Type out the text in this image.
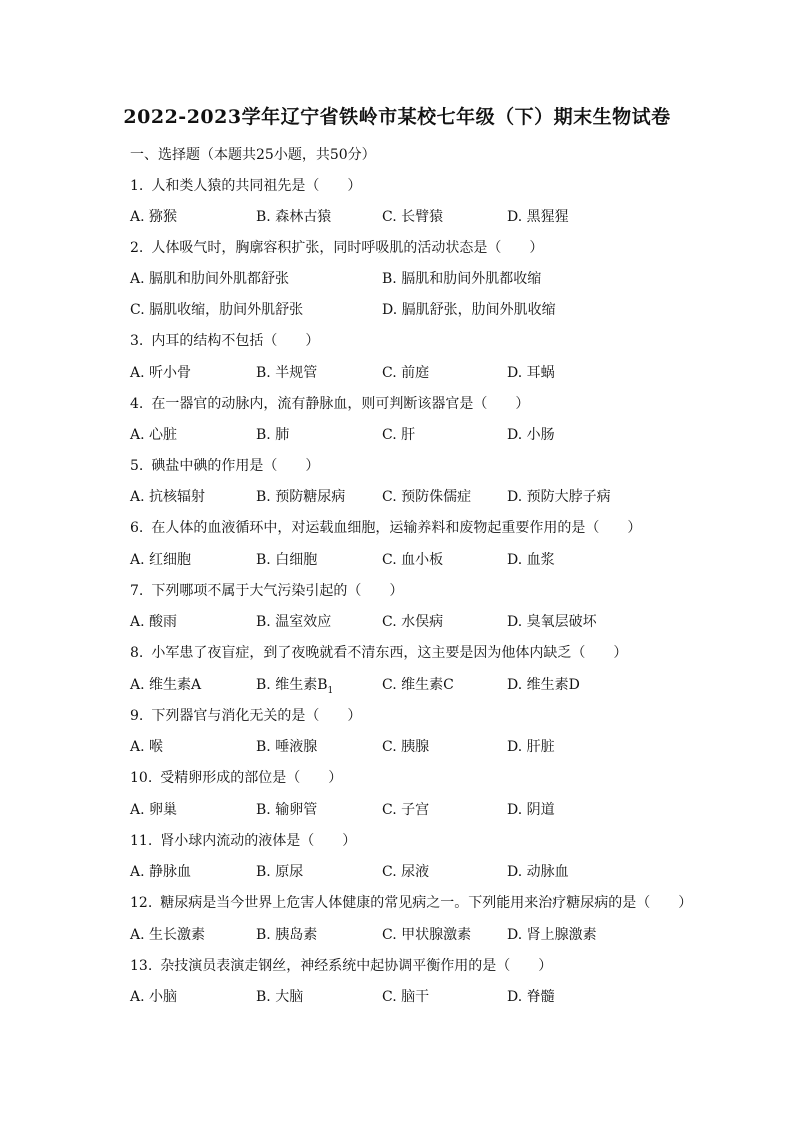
2022-2023学年辽宁省铁岭市某校七年级（下）期末生物试卷
一、选择题（本题共25小题，共50分）
1. 人和类人猿的共同祖先是（　　）
A. 猕猴	B. 森林古猿	C. 长臂猿	D. 黑猩猩
2. 人体吸气时，胸廓容积扩张，同时呼吸肌的活动状态是（　　）
A. 膈肌和肋间外肌都舒张	B. 膈肌和肋间外肌都收缩
C. 膈肌收缩，肋间外肌舒张	D. 膈肌舒张，肋间外肌收缩
3. 内耳的结构不包括（　　）
A. 听小骨	B. 半规管	C. 前庭	D. 耳蜗
4. 在一器官的动脉内，流有静脉血，则可判断该器官是（　　）
A. 心脏	B. 肺	C. 肝	D. 小肠
5. 碘盐中碘的作用是（　　）
A. 抗核辐射	B. 预防糖尿病	C. 预防侏儒症	D. 预防大脖子病
6. 在人体的血液循环中，对运载血细胞，运输养料和废物起重要作用的是（　　）
A. 红细胞	B. 白细胞	C. 血小板	D. 血浆
7. 下列哪项不属于大气污染引起的（　　）
A. 酸雨	B. 温室效应	C. 水俣病	D. 臭氧层破坏
8. 小军患了夜盲症，到了夜晚就看不清东西，这主要是因为他体内缺乏（　　）
A. 维生素A	B. 维生素$B_1$	C. 维生素C	D. 维生素D
9. 下列器官与消化无关的是（　　）
A. 喉	B. 唾液腺	C. 胰腺	D. 肝脏
10. 受精卵形成的部位是（　　）
A. 卵巢	B. 输卵管	C. 子宫	D. 阴道
11. 肾小球内流动的液体是（　　）
A. 静脉血	B. 原尿	C. 尿液	D. 动脉血
12. 糖尿病是当今世界上危害人体健康的常见病之一。下列能用来治疗糖尿病的是（　　）
A. 生长激素	B. 胰岛素	C. 甲状腺激素	D. 肾上腺激素
13. 杂技演员表演走钢丝，神经系统中起协调平衡作用的是（　　）
A. 小脑	B. 大脑	C. 脑干	D. 脊髓
